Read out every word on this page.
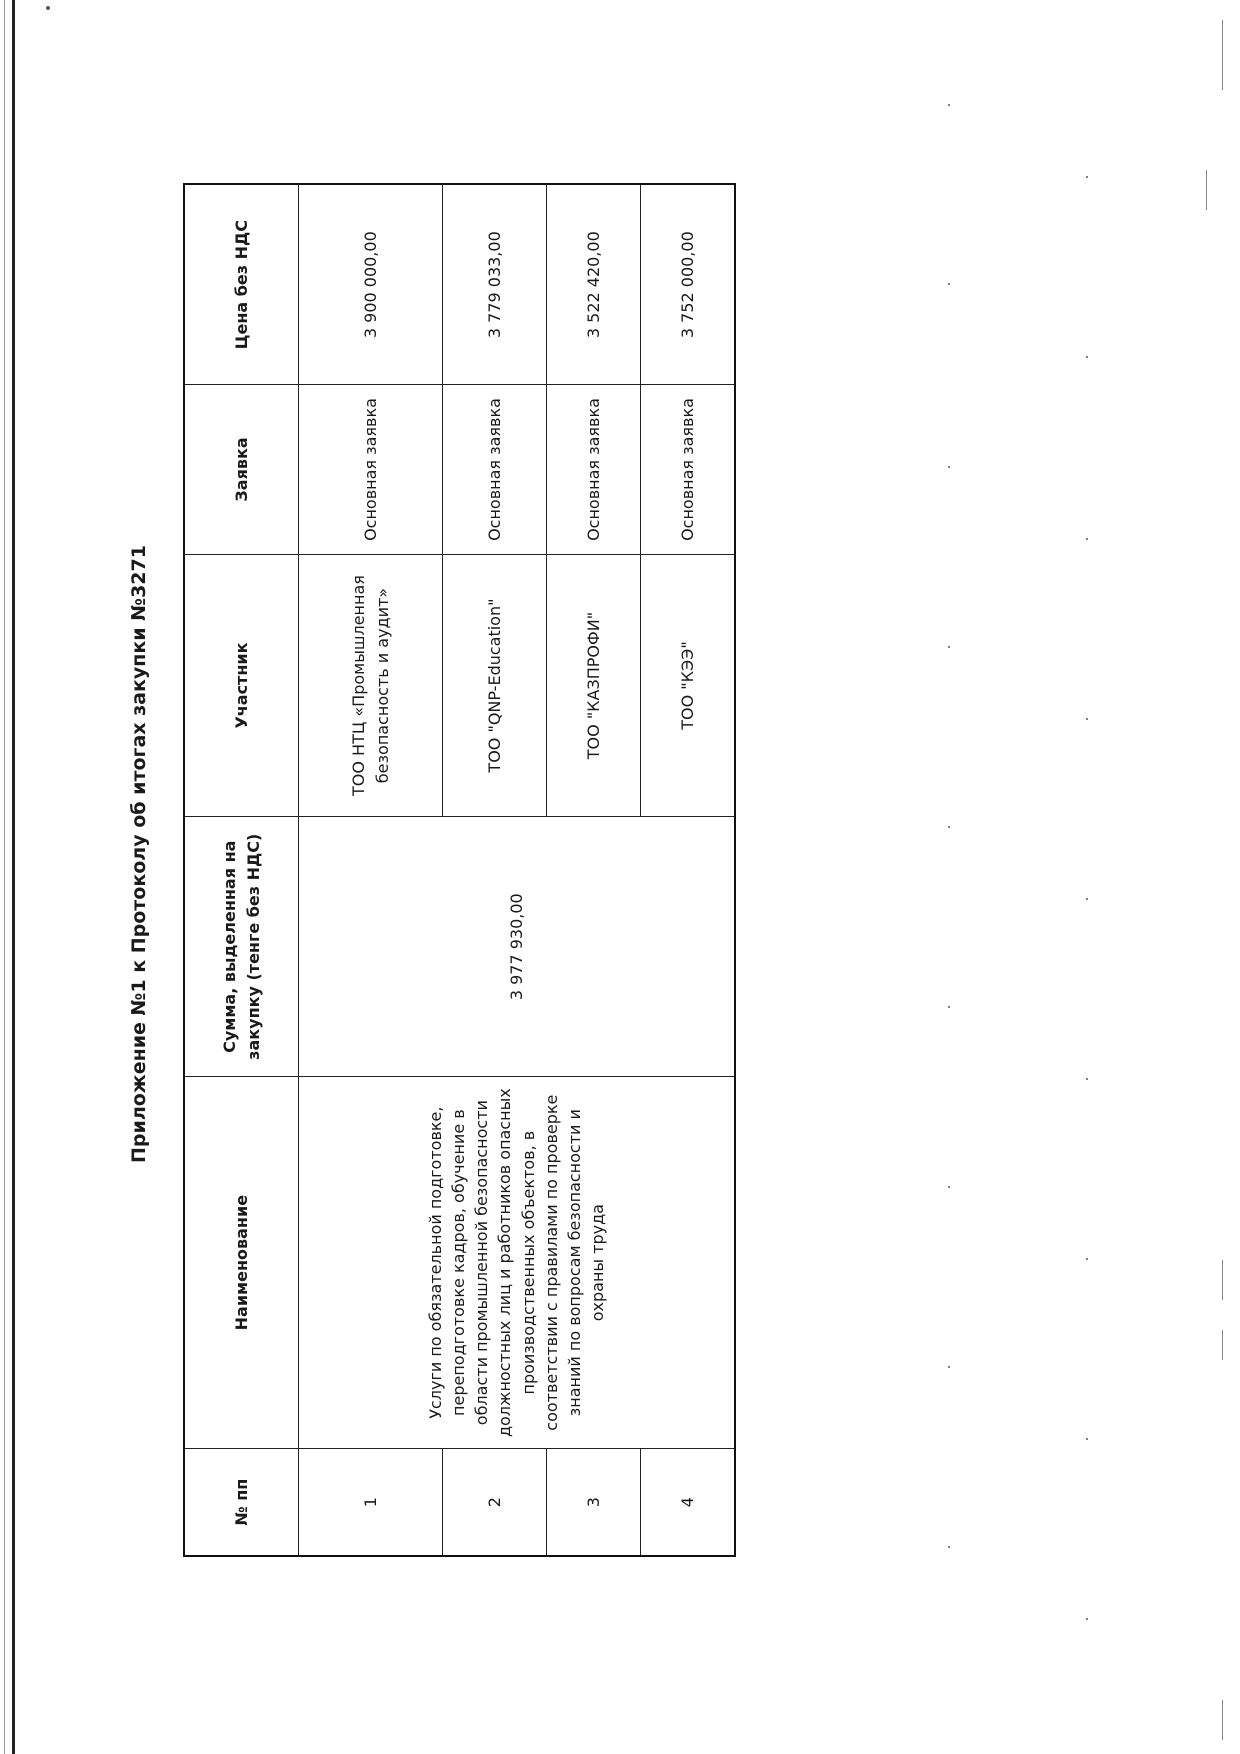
Приложение №1 к Протоколу об итогах закупки №3271
№ пп	Наименование	Сумма, выделенная на закупку (тенге без НДС)	Участник	Заявка	Цена без НДС
1	Услуги по обязательной подготовке, переподготовке кадров, обучение в области промышленной безопасности должностных лиц и работников опасных производственных объектов, в соответствии с правилами по проверке знаний по вопросам безопасности и охраны труда	3 977 930,00	ТОО НТЦ «Промышленная безопасность и аудит»	Основная заявка	3 900 000,00
2			ТОО "QNP-Education"	Основная заявка	3 779 033,00
3			ТОО "КАЗПРОФИ"	Основная заявка	3 522 420,00
4			ТОО "КЭЭ"	Основная заявка	3 752 000,00
